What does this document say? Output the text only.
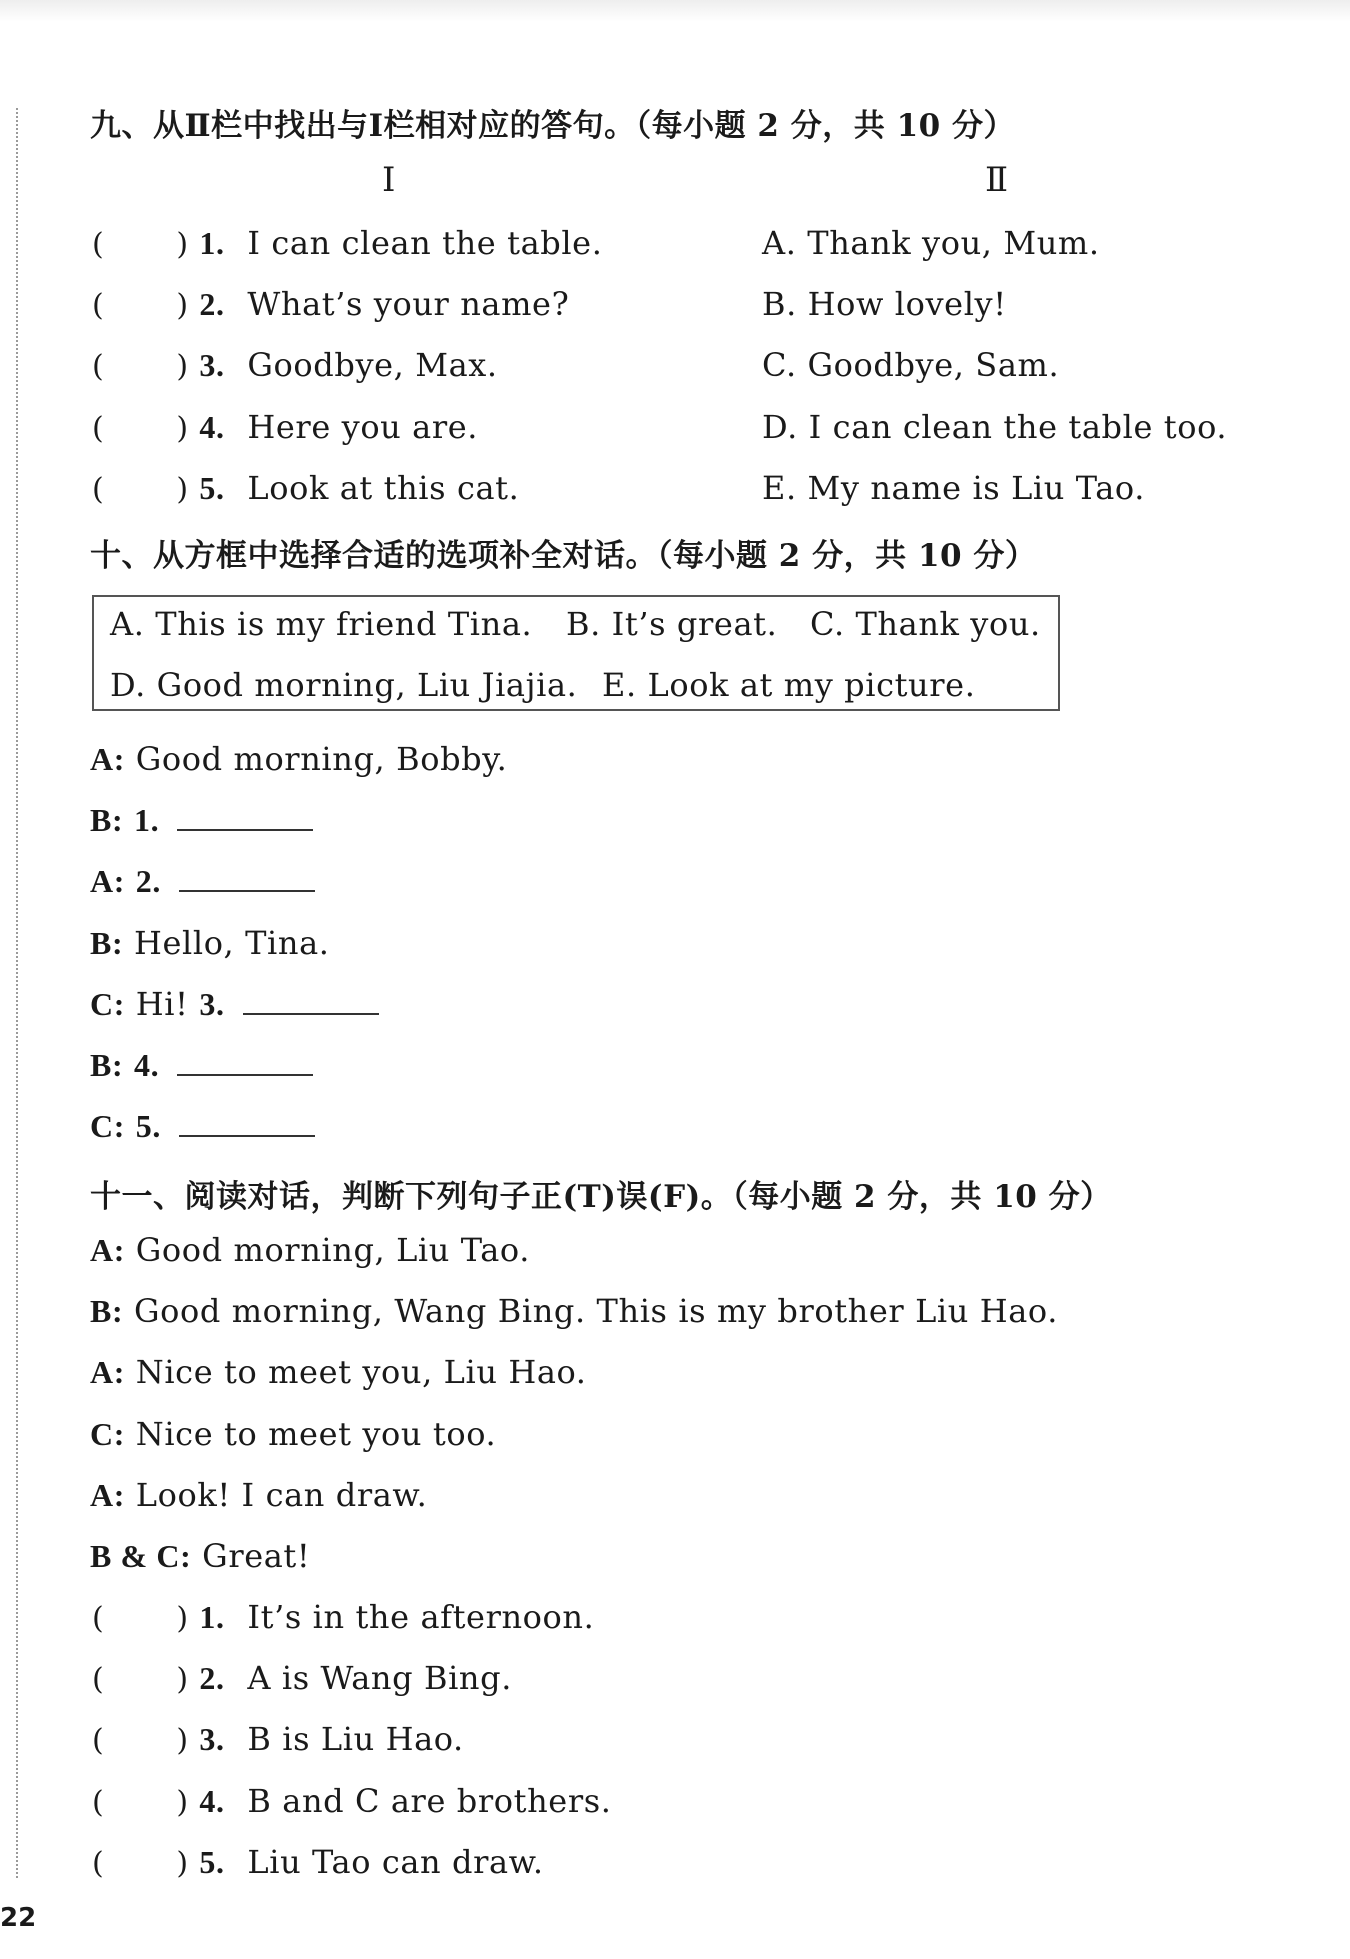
九、从Ⅱ栏中找出与Ⅰ栏相对应的答句。（每小题 2 分，共 10 分）
Ⅰ	Ⅱ
( ) 1. I can clean the table.
( ) 2. What’s your name?
( ) 3. Goodbye, Max.
( ) 4. Here you are.
( ) 5. Look at this cat.
A. Thank you, Mum.
B. How lovely!
C. Goodbye, Sam.
D. I can clean the table too.
E. My name is Liu Tao.
十、从方框中选择合适的选项补全对话。（每小题 2 分，共 10 分）
A. This is my friend Tina. B. It’s great. C. Thank you.
D. Good morning, Liu Jiajia. E. Look at my picture.
A: Good morning, Bobby.
B: 1.
A: 2.
B: Hello, Tina.
C: Hi! 3.
B: 4.
C: 5.
十一、阅读对话，判断下列句子正(T)误(F)。（每小题 2 分，共 10 分）
A: Good morning, Liu Tao.
B: Good morning, Wang Bing. This is my brother Liu Hao.
A: Nice to meet you, Liu Hao.
C: Nice to meet you too.
A: Look! I can draw.
B & C: Great!
( ) 1. It’s in the afternoon.
( ) 2. A is Wang Bing.
( ) 3. B is Liu Hao.
( ) 4. B and C are brothers.
( ) 5. Liu Tao can draw.
22
